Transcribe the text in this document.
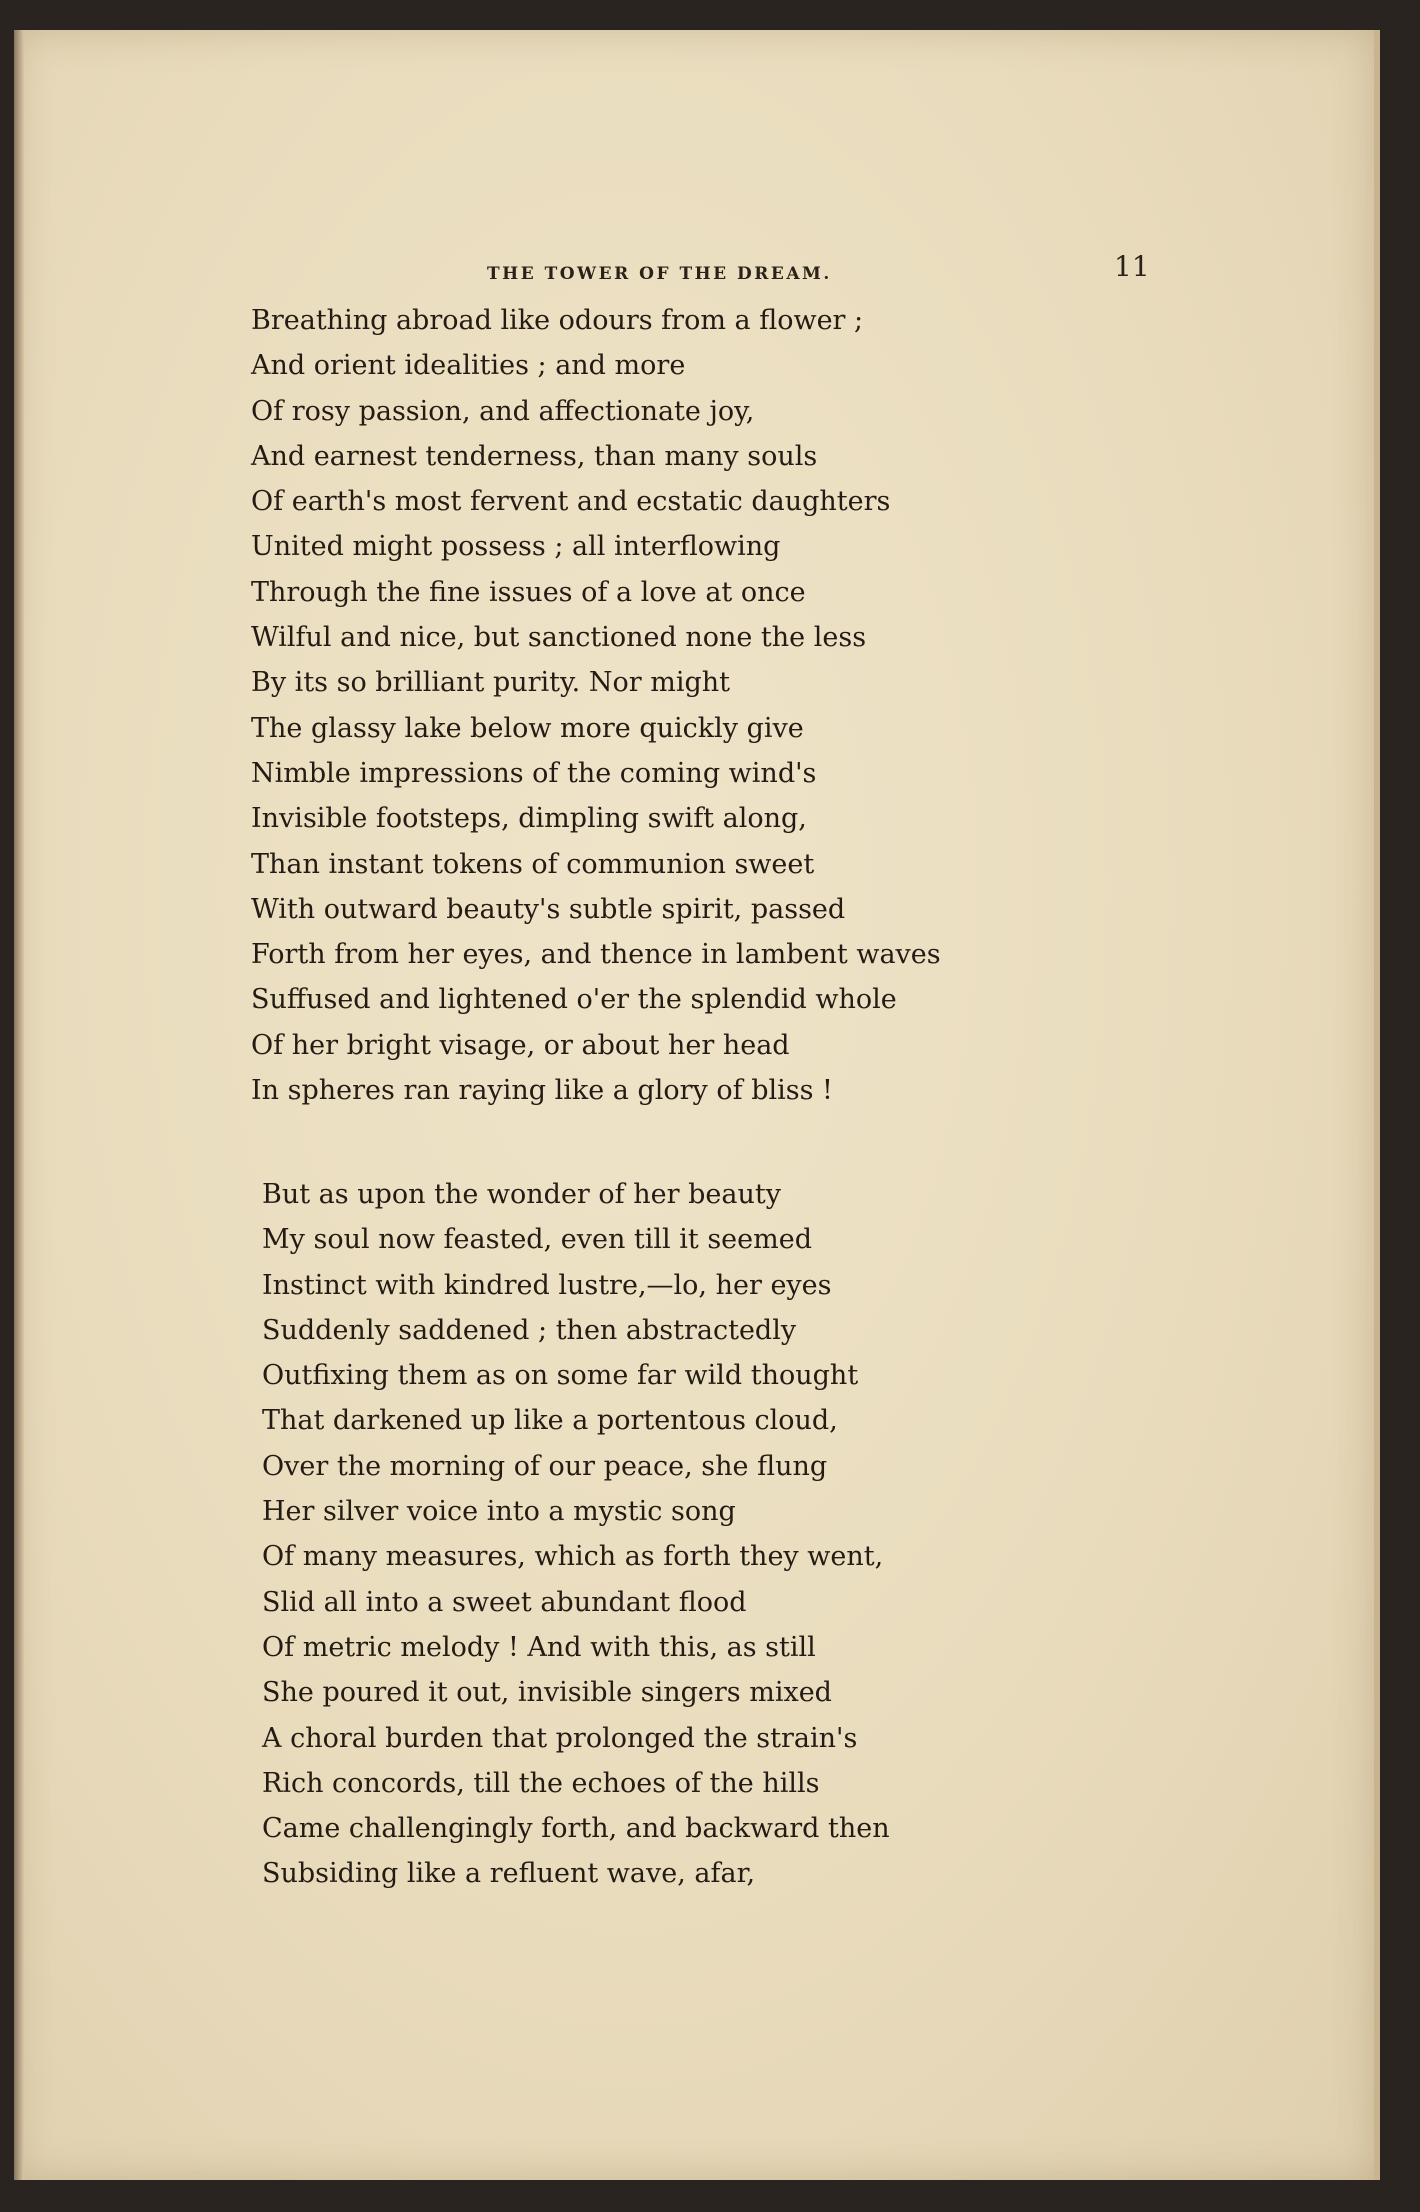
THE TOWER OF THE DREAM.	11
Breathing abroad like odours from a flower ;
And orient idealities ; and more
Of rosy passion, and affectionate joy,
And earnest tenderness, than many souls
Of earth's most fervent and ecstatic daughters
United might possess ; all interflowing
Through the fine issues of a love at once
Wilful and nice, but sanctioned none the less
By its so brilliant purity. Nor might
The glassy lake below more quickly give
Nimble impressions of the coming wind's
Invisible footsteps, dimpling swift along,
Than instant tokens of communion sweet
With outward beauty's subtle spirit, passed
Forth from her eyes, and thence in lambent waves
Suffused and lightened o'er the splendid whole
Of her bright visage, or about her head
In spheres ran raying like a glory of bliss !
But as upon the wonder of her beauty
My soul now feasted, even till it seemed
Instinct with kindred lustre,—lo, her eyes
Suddenly saddened ; then abstractedly
Outfixing them as on some far wild thought
That darkened up like a portentous cloud,
Over the morning of our peace, she flung
Her silver voice into a mystic song
Of many measures, which as forth they went,
Slid all into a sweet abundant flood
Of metric melody ! And with this, as still
She poured it out, invisible singers mixed
A choral burden that prolonged the strain's
Rich concords, till the echoes of the hills
Came challengingly forth, and backward then
Subsiding like a refluent wave, afar,
